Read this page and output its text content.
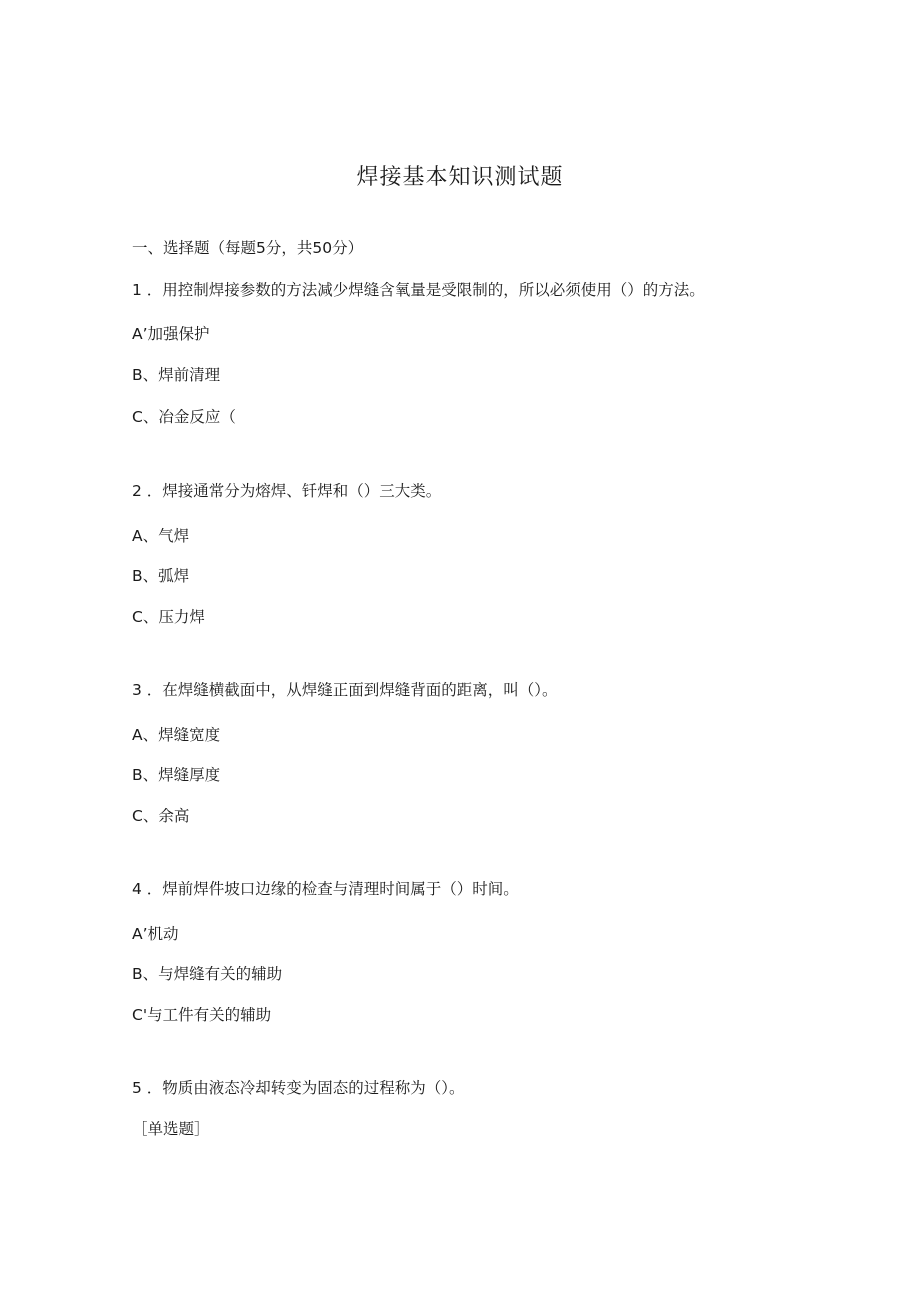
焊接基本知识测试题
一、选择题（每题5分，共50分）
1 ．用控制焊接参数的方法减少焊缝含氧量是受限制的，所以必须使用（）的方法。
A’加强保护
B、焊前清理
C、冶金反应（
2 ．焊接通常分为熔焊、钎焊和（）三大类。
A、气焊
B、弧焊
C、压力焊
3 ．在焊缝横截面中，从焊缝正面到焊缝背面的距离，叫（）。
A、焊缝宽度
B、焊缝厚度
C、余高
4 ．焊前焊件坡口边缘的检查与清理时间属于（）时间。
A’机动
B、与焊缝有关的辅助
C'与工件有关的辅助
5 ．物质由液态冷却转变为固态的过程称为（）。
［单选题］
